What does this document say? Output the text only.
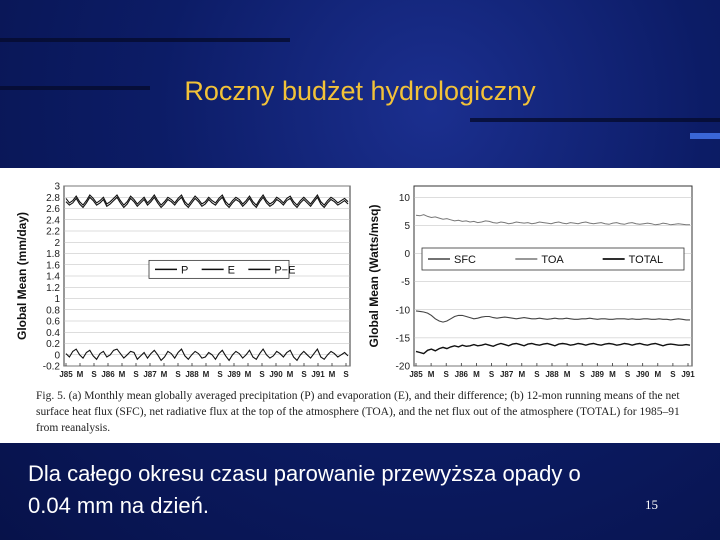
Roczny budżet hydrologiczny
-0.2
0
0.2
0.4
0.6
0.8
1
1.2
1.4
1.6
1.8
2
2.2
2.4
2.6
2.8
3
J85 M S J86 M S J87 M S J88 M S J89 M S J90 M S J91 M S
Global Mean (mm/day)	P	E	P−E
-20
-15
-10
-5
0
5
10
J85 M S J86 M S J87 M S J88 M S J89 M S J90 M S J91
Global Mean (Watts/msq)	SFC	TOA	TOTAL
Fig. 5. (a) Monthly mean globally averaged precipitation (P) and evaporation (E), and their difference; (b) 12-mon running means of the net surface heat flux (SFC), net radiative flux at the top of the atmosphere (TOA), and the net flux out of the atmosphere (TOTAL) for 1985–91 from reanalysis.
Dla całego okresu czasu parowanie przewyższa opady o 0.04 mm na dzień.	15
